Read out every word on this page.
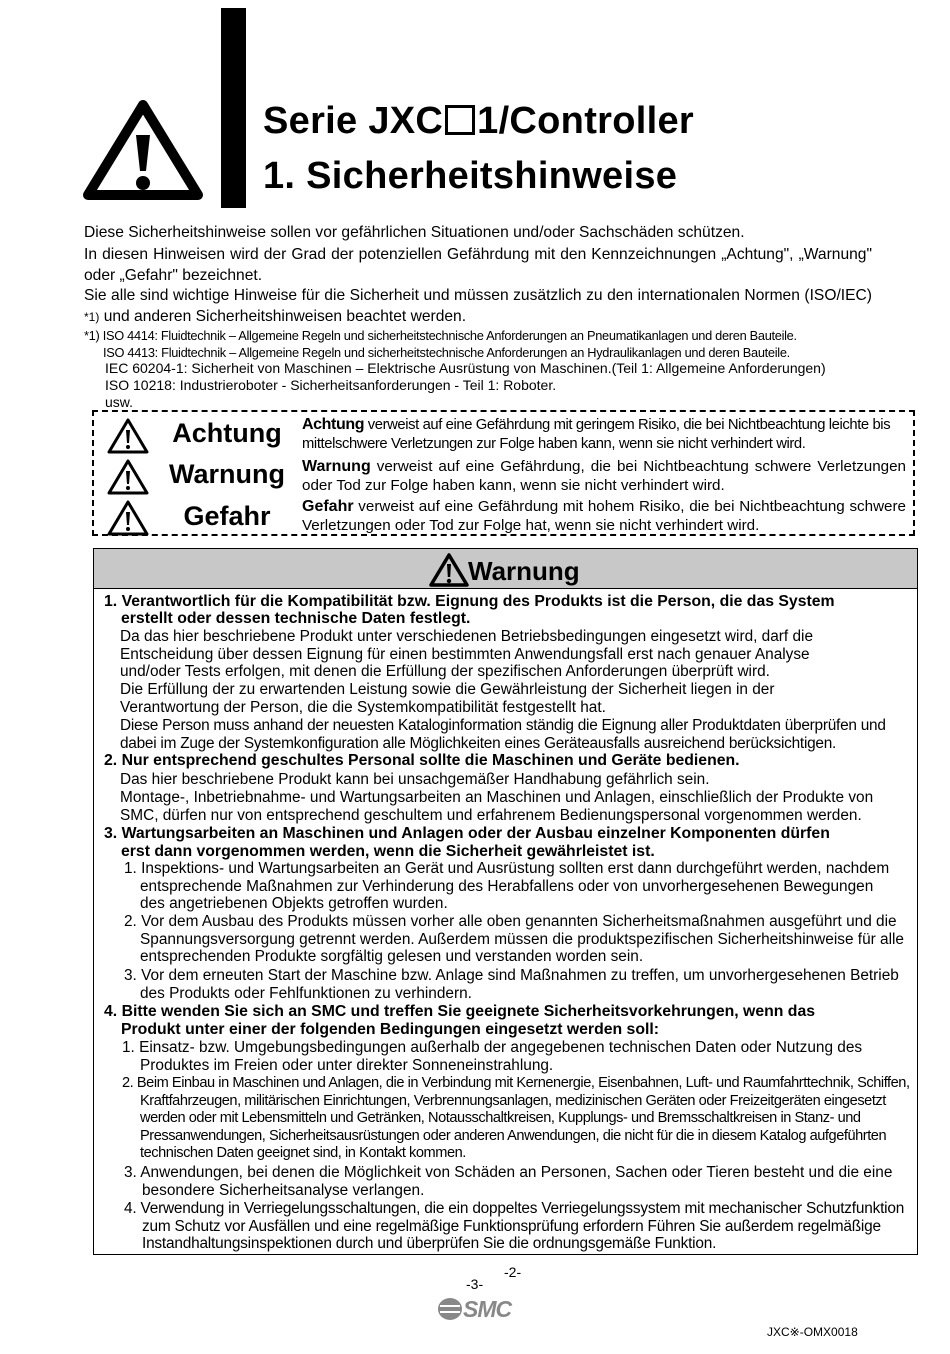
Serie JXC 1/Controller
1. Sicherheitshinweise

Diese Sicherheitshinweise sollen vor gefährlichen Situationen und/oder Sachschäden schützen.

In diesen Hinweisen wird der Grad der potenziellen Gefährdung mit den Kennzeichnungen „Achtung", „Warnung" oder „Gefahr" bezeichnet.

Sie alle sind wichtige Hinweise für die Sicherheit und müssen zusätzlich zu den internationalen Normen (ISO/IEC) *1) und anderen Sicherheitshinweisen beachtet werden.

*1) ISO 4414: Fluidtechnik – Allgemeine Regeln und sicherheitstechnische Anforderungen an Pneumatikanlagen und deren Bauteile.
ISO 4413: Fluidtechnik – Allgemeine Regeln und sicherheitstechnische Anforderungen an Hydraulikanlagen und deren Bauteile.
IEC 60204-1: Sicherheit von Maschinen – Elektrische Ausrüstung von Maschinen.(Teil 1: Allgemeine Anforderungen)
ISO 10218: Industrieroboter - Sicherheitsanforderungen - Teil 1: Roboter.
usw.
Achtung
Warnung
Gefahr

Achtung verweist auf eine Gefährdung mit geringem Risiko, die bei Nichtbeachtung leichte bis mittelschwere Verletzungen zur Folge haben kann, wenn sie nicht verhindert wird.

Warnung verweist auf eine Gefährdung, die bei Nichtbeachtung schwere Verletzungen oder Tod zur Folge haben kann, wenn sie nicht verhindert wird.

Gefahr verweist auf eine Gefährdung mit hohem Risiko, die bei Nichtbeachtung schwere Verletzungen oder Tod zur Folge hat, wenn sie nicht verhindert wird.

Warnung
1. Verantwortlich für die Kompatibilität bzw. Eignung des Produkts ist die Person, die das System
erstellt oder dessen technische Daten festlegt.

Da das hier beschriebene Produkt unter verschiedenen Betriebsbedingungen eingesetzt wird, darf die Entscheidung über dessen Eignung für einen bestimmten Anwendungsfall erst nach genauer Analyse und/oder Tests erfolgen, mit denen die Erfüllung der spezifischen Anforderungen überprüft wird.

Die Erfüllung der zu erwartenden Leistung sowie die Gewährleistung der Sicherheit liegen in der Verantwortung der Person, die die Systemkompatibilität festgestellt hat.

Diese Person muss anhand der neuesten Kataloginformation ständig die Eignung aller Produktdaten überprüfen und dabei im Zuge der Systemkonfiguration alle Möglichkeiten eines Geräteausfalls ausreichend berücksichtigen.

2. Nur entsprechend geschultes Personal sollte die Maschinen und Geräte bedienen.

Das hier beschriebene Produkt kann bei unsachgemäßer Handhabung gefährlich sein.

Montage-, Inbetriebnahme- und Wartungsarbeiten an Maschinen und Anlagen, einschließlich der Produkte von SMC, dürfen nur von entsprechend geschultem und erfahrenem Bedienungspersonal vorgenommen werden.

3. Wartungsarbeiten an Maschinen und Anlagen oder der Ausbau einzelner Komponenten dürfen
erst dann vorgenommen werden, wenn die Sicherheit gewährleistet ist.

1. Inspektions- und Wartungsarbeiten an Gerät und Ausrüstung sollten erst dann durchgeführt werden, nachdem entsprechende Maßnahmen zur Verhinderung des Herabfallens oder von unvorhergesehenen Bewegungen des angetriebenen Objekts getroffen wurden.

2. Vor dem Ausbau des Produkts müssen vorher alle oben genannten Sicherheitsmaßnahmen ausgeführt und die Spannungsversorgung getrennt werden. Außerdem müssen die produktspezifischen Sicherheitshinweise für alle entsprechenden Produkte sorgfältig gelesen und verstanden worden sein.

3. Vor dem erneuten Start der Maschine bzw. Anlage sind Maßnahmen zu treffen, um unvorhergesehenen Betrieb des Produkts oder Fehlfunktionen zu verhindern.

4. Bitte wenden Sie sich an SMC und treffen Sie geeignete Sicherheitsvorkehrungen, wenn das
Produkt unter einer der folgenden Bedingungen eingesetzt werden soll:

1. Einsatz- bzw. Umgebungsbedingungen außerhalb der angegebenen technischen Daten oder Nutzung des Produktes im Freien oder unter direkter Sonneneinstrahlung.

2. Beim Einbau in Maschinen und Anlagen, die in Verbindung mit Kernenergie, Eisenbahnen, Luft- und Raumfahrttechnik, Schiffen, Kraftfahrzeugen, militärischen Einrichtungen, Verbrennungsanlagen, medizinischen Geräten oder Freizeitgeräten eingesetzt werden oder mit Lebensmitteln und Getränken, Notausschaltkreisen, Kupplungs- und Bremsschaltkreisen in Stanz- und Pressanwendungen, Sicherheitsausrüstungen oder anderen Anwendungen, die nicht für die in diesem Katalog aufgeführten technischen Daten geeignet sind, in Kontakt kommen.

3. Anwendungen, bei denen die Möglichkeit von Schäden an Personen, Sachen oder Tieren besteht und die eine besondere Sicherheitsanalyse verlangen.

4. Verwendung in Verriegelungsschaltungen, die ein doppeltes Verriegelungssystem mit mechanischer Schutzfunktion zum Schutz vor Ausfällen und eine regelmäßige Funktionsprüfung erfordern Führen Sie außerdem regelmäßige Instandhaltungsinspektionen durch und überprüfen Sie die ordnungsgemäße Funktion.

-2-
-3-
SMC
JXC※-OMX0018
